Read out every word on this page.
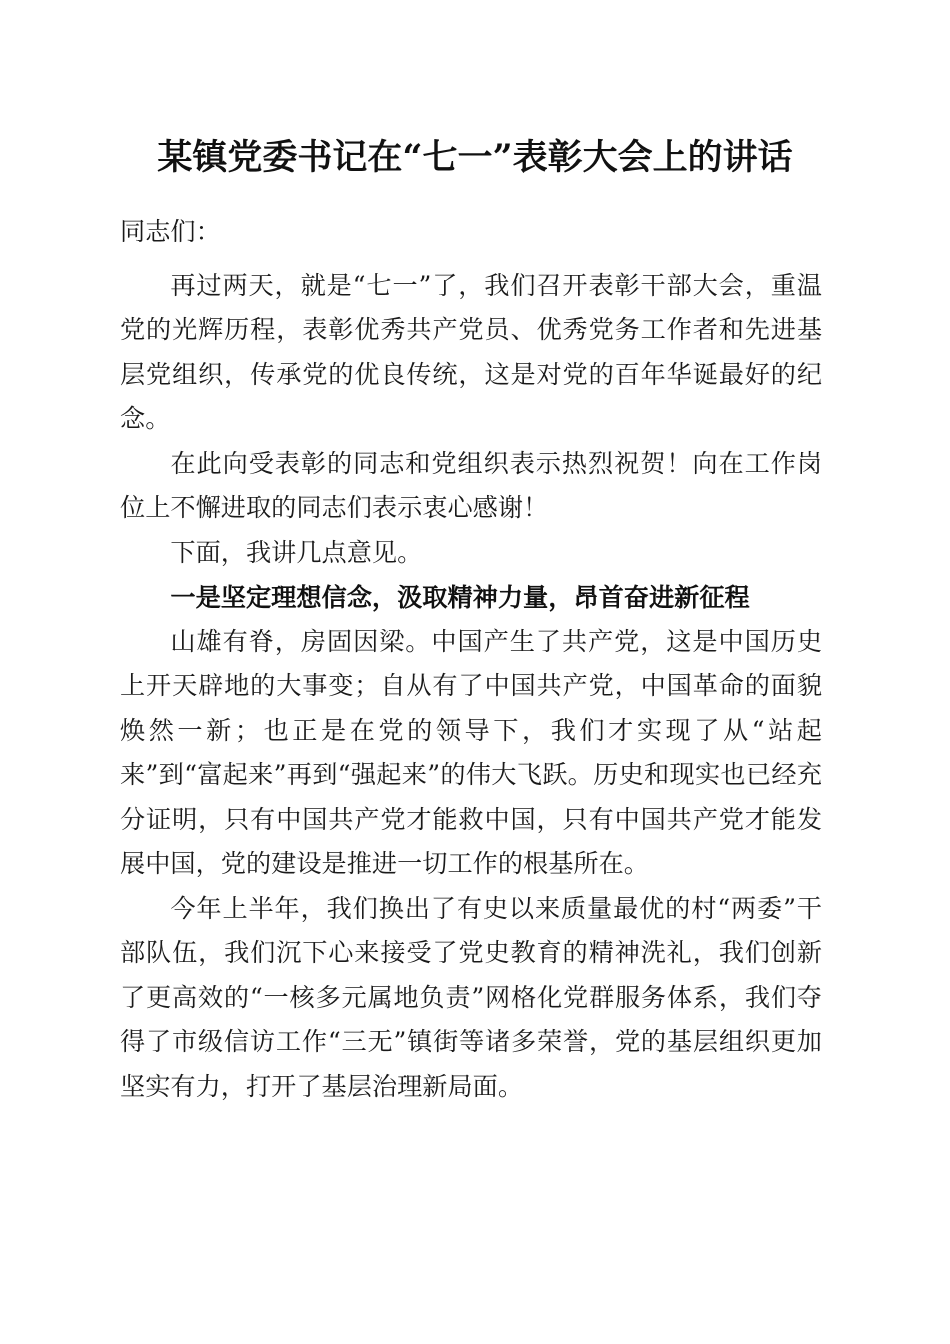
某镇党委书记在“七一”表彰大会上的讲话

同志们：

再过两天，就是“七一”了，我们召开表彰干部大会，重温党的光辉历程，表彰优秀共产党员、优秀党务工作者和先进基层党组织，传承党的优良传统，这是对党的百年华诞最好的纪念。

在此向受表彰的同志和党组织表示热烈祝贺！向在工作岗位上不懈进取的同志们表示衷心感谢！

下面，我讲几点意见。

一是坚定理想信念，汲取精神力量，昂首奋进新征程

山雄有脊，房固因梁。中国产生了共产党，这是中国历史上开天辟地的大事变；自从有了中国共产党，中国革命的面貌焕然一新；也正是在党的领导下，我们才实现了从“站起来”到“富起来”再到“强起来”的伟大飞跃。历史和现实也已经充分证明，只有中国共产党才能救中国，只有中国共产党才能发展中国，党的建设是推进一切工作的根基所在。

今年上半年，我们换出了有史以来质量最优的村“两委”干部队伍，我们沉下心来接受了党史教育的精神洗礼，我们创新了更高效的“一核多元属地负责”网格化党群服务体系，我们夺得了市级信访工作“三无”镇街等诸多荣誉，党的基层组织更加坚实有力，打开了基层治理新局面。
